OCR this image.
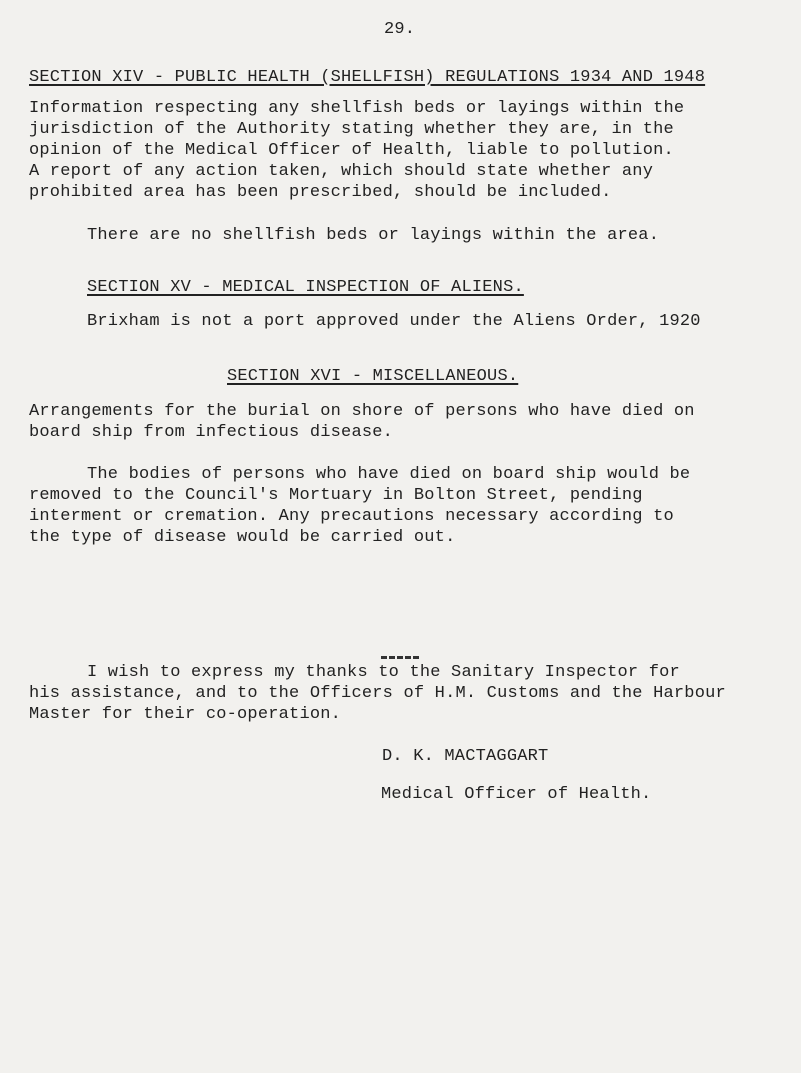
29.
SECTION XIV - PUBLIC HEALTH (SHELLFISH) REGULATIONS 1934 AND 1948
Information respecting any shellfish beds or layings within the
jurisdiction of the Authority stating whether they are, in the
opinion of the Medical Officer of Health, liable to pollution.
A report of any action taken, which should state whether any
prohibited area has been prescribed, should be included.
There are no shellfish beds or layings within the area.
SECTION XV - MEDICAL INSPECTION OF ALIENS.
Brixham is not a port approved under the Aliens Order, 1920
SECTION XVI - MISCELLANEOUS.
Arrangements for the burial on shore of persons who have died on
board ship from infectious disease.
The bodies of persons who have died on board ship would be
removed to the Council's Mortuary in Bolton Street, pending
interment or cremation. Any precautions necessary according to
the type of disease would be carried out.
I wish to express my thanks to the Sanitary Inspector for
his assistance, and to the Officers of H.M. Customs and the Harbour
Master for their co-operation.
D. K. MACTAGGART
Medical Officer of Health.
